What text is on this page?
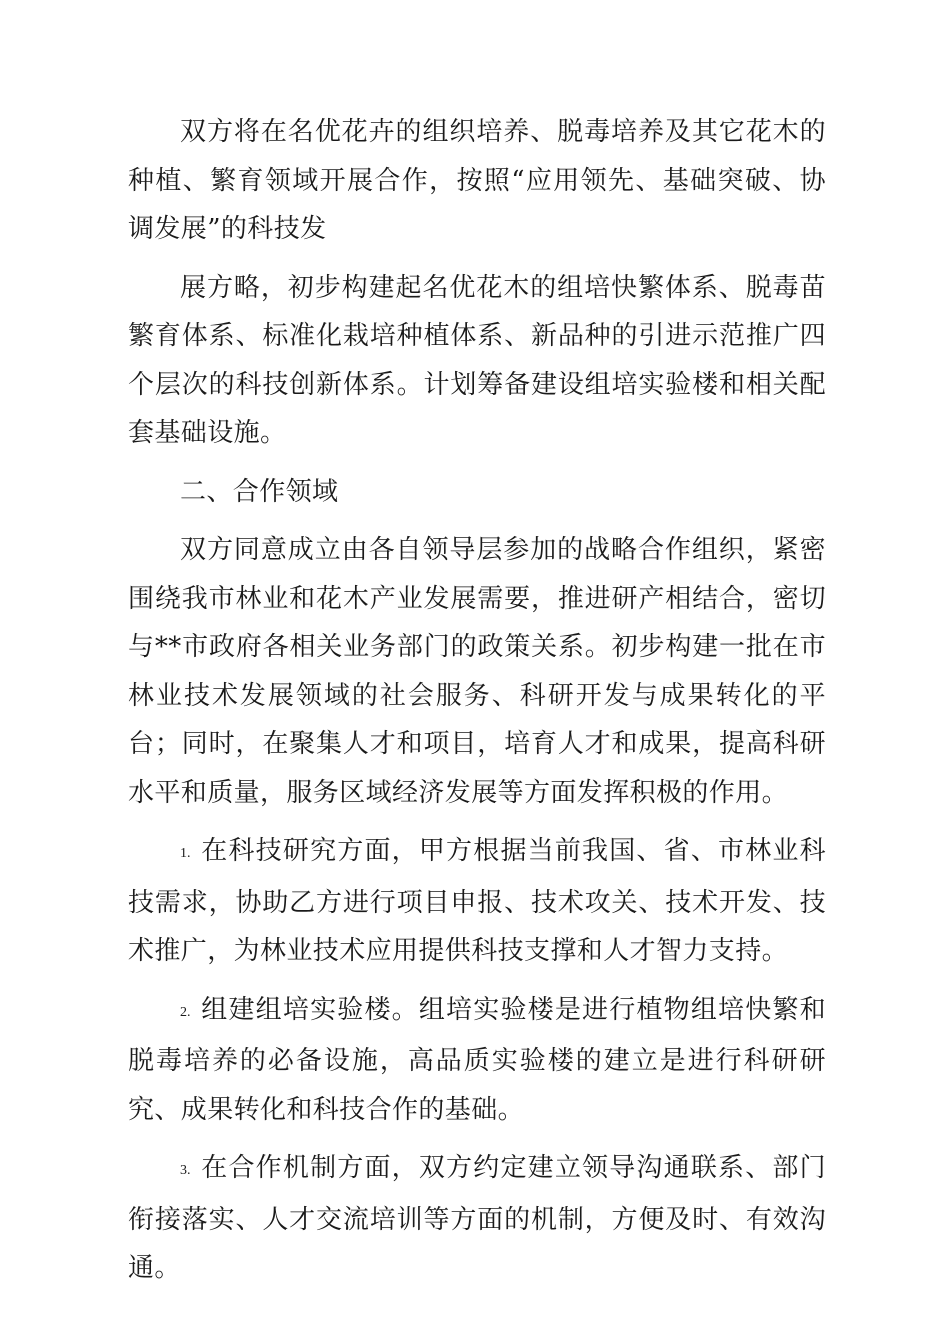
双方将在名优花卉的组织培养、脱毒培养及其它花木的种植、繁育领域开展合作，按照“应用领先、基础突破、协调发展”的科技发

展方略，初步构建起名优花木的组培快繁体系、脱毒苗繁育体系、标准化栽培种植体系、新品种的引进示范推广四个层次的科技创新体系。计划筹备建设组培实验楼和相关配套基础设施。

二、合作领域

双方同意成立由各自领导层参加的战略合作组织，紧密围绕我市林业和花木产业发展需要，推进研产相结合，密切与**市政府各相关业务部门的政策关系。初步构建一批在市林业技术发展领域的社会服务、科研开发与成果转化的平台；同时，在聚集人才和项目，培育人才和成果，提高科研水平和质量，服务区域经济发展等方面发挥积极的作用。

1. 在科技研究方面，甲方根据当前我国、省、市林业科技需求，协助乙方进行项目申报、技术攻关、技术开发、技术推广，为林业技术应用提供科技支撑和人才智力支持。

2. 组建组培实验楼。组培实验楼是进行植物组培快繁和脱毒培养的必备设施，高品质实验楼的建立是进行科研研究、成果转化和科技合作的基础。

3. 在合作机制方面，双方约定建立领导沟通联系、部门衔接落实、人才交流培训等方面的机制，方便及时、有效沟通。
